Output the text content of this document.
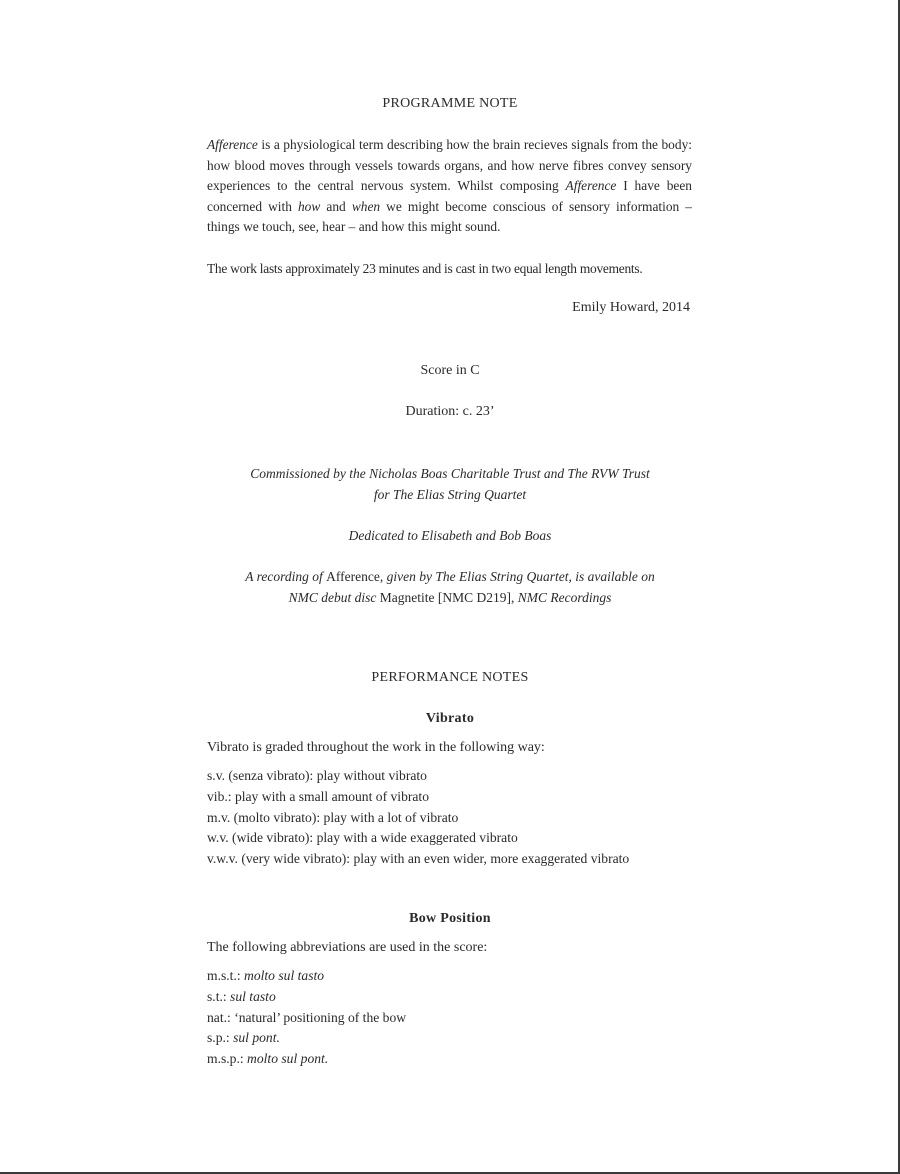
PROGRAMME NOTE

Afference is a physiological term describing how the brain recieves signals from the body: how blood moves through vessels towards organs, and how nerve fibres convey sensory experiences to the central nervous system. Whilst composing Afference I have been concerned with how and when we might become conscious of sensory information – things we touch, see, hear – and how this might sound.

The work lasts approximately 23 minutes and is cast in two equal length movements.

Emily Howard, 2014

Score in C

Duration: c. 23’

Commissioned by the Nicholas Boas Charitable Trust and The RVW Trust

for The Elias String Quartet

Dedicated to Elisabeth and Bob Boas

A recording of Afference, given by The Elias String Quartet, is available on

NMC debut disc Magnetite [NMC D219], NMC Recordings

PERFORMANCE NOTES
Vibrato
Vibrato is graded throughout the work in the following way:
s.v. (senza vibrato): play without vibrato
vib.: play with a small amount of vibrato
m.v. (molto vibrato): play with a lot of vibrato
w.v. (wide vibrato): play with a wide exaggerated vibrato
v.w.v. (very wide vibrato): play with an even wider, more exaggerated vibrato
Bow Position
The following abbreviations are used in the score:
m.s.t.: molto sul tasto
s.t.: sul tasto
nat.: ‘natural’ positioning of the bow
s.p.: sul pont.
m.s.p.: molto sul pont.
